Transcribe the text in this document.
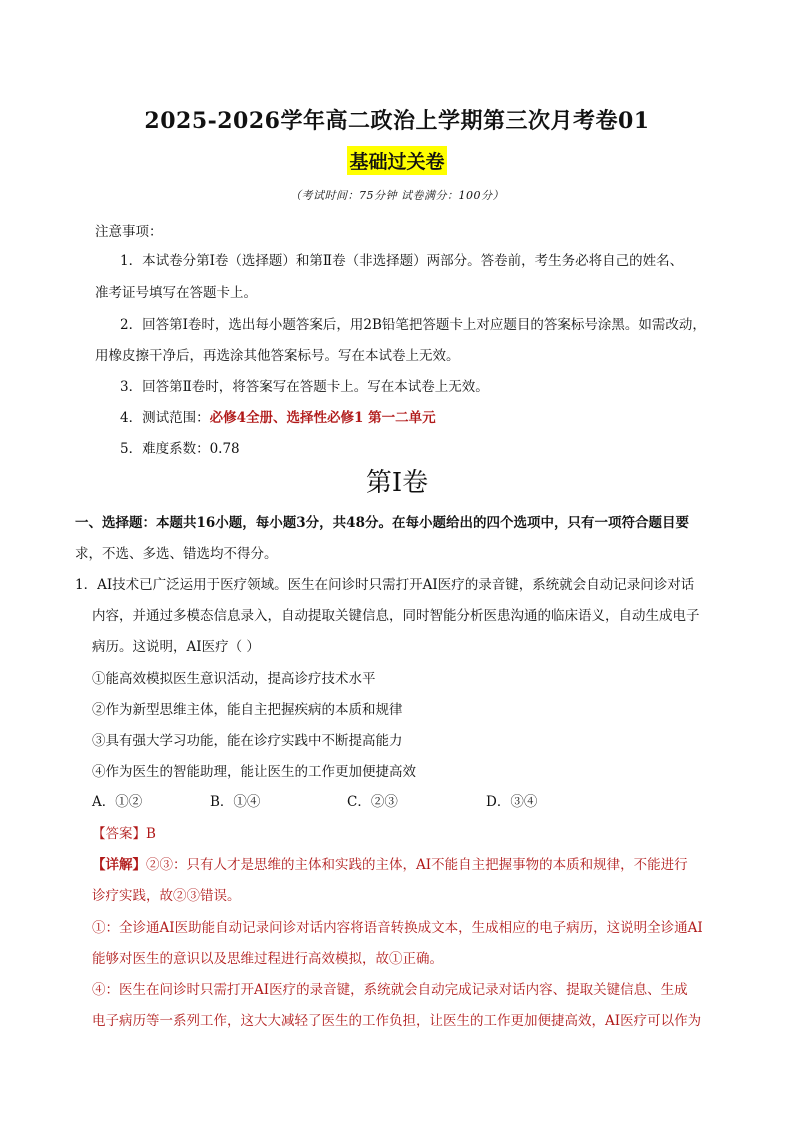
2025-2026学年高二政治上学期第三次月考卷01
基础过关卷
（考试时间：75分钟 试卷满分：100分）
注意事项：
1．本试卷分第Ⅰ卷（选择题）和第Ⅱ卷（非选择题）两部分。答卷前，考生务必将自己的姓名、
准考证号填写在答题卡上。
2．回答第Ⅰ卷时，选出每小题答案后，用2B铅笔把答题卡上对应题目的答案标号涂黑。如需改动，
用橡皮擦干净后，再选涂其他答案标号。写在本试卷上无效。
3．回答第Ⅱ卷时，将答案写在答题卡上。写在本试卷上无效。
4．测试范围：必修4全册、选择性必修1 第一二单元
5．难度系数：0.78
第Ⅰ卷
一、选择题：本题共16小题，每小题3分，共48分。在每小题给出的四个选项中，只有一项符合题目要
求，不选、多选、错选均不得分。
1．AI技术已广泛运用于医疗领域。医生在问诊时只需打开AI医疗的录音键，系统就会自动记录问诊对话
内容，并通过多模态信息录入，自动提取关键信息，同时智能分析医患沟通的临床语义，自动生成电子
病历。这说明，AI医疗（ ）
①能高效模拟医生意识活动，提高诊疗技术水平
②作为新型思维主体，能自主把握疾病的本质和规律
③具有强大学习功能，能在诊疗实践中不断提高能力
④作为医生的智能助理，能让医生的工作更加便捷高效
A．①②	B．①④	C．②③	D．③④
【答案】B
【详解】②③：只有人才是思维的主体和实践的主体，AI不能自主把握事物的本质和规律，不能进行
诊疗实践，故②③错误。
①：全诊通AI医助能自动记录问诊对话内容将语音转换成文本，生成相应的电子病历，这说明全诊通AI
能够对医生的意识以及思维过程进行高效模拟，故①正确。
④：医生在问诊时只需打开AI医疗的录音键，系统就会自动完成记录对话内容、提取关键信息、生成
电子病历等一系列工作，这大大减轻了医生的工作负担，让医生的工作更加便捷高效，AI医疗可以作为
